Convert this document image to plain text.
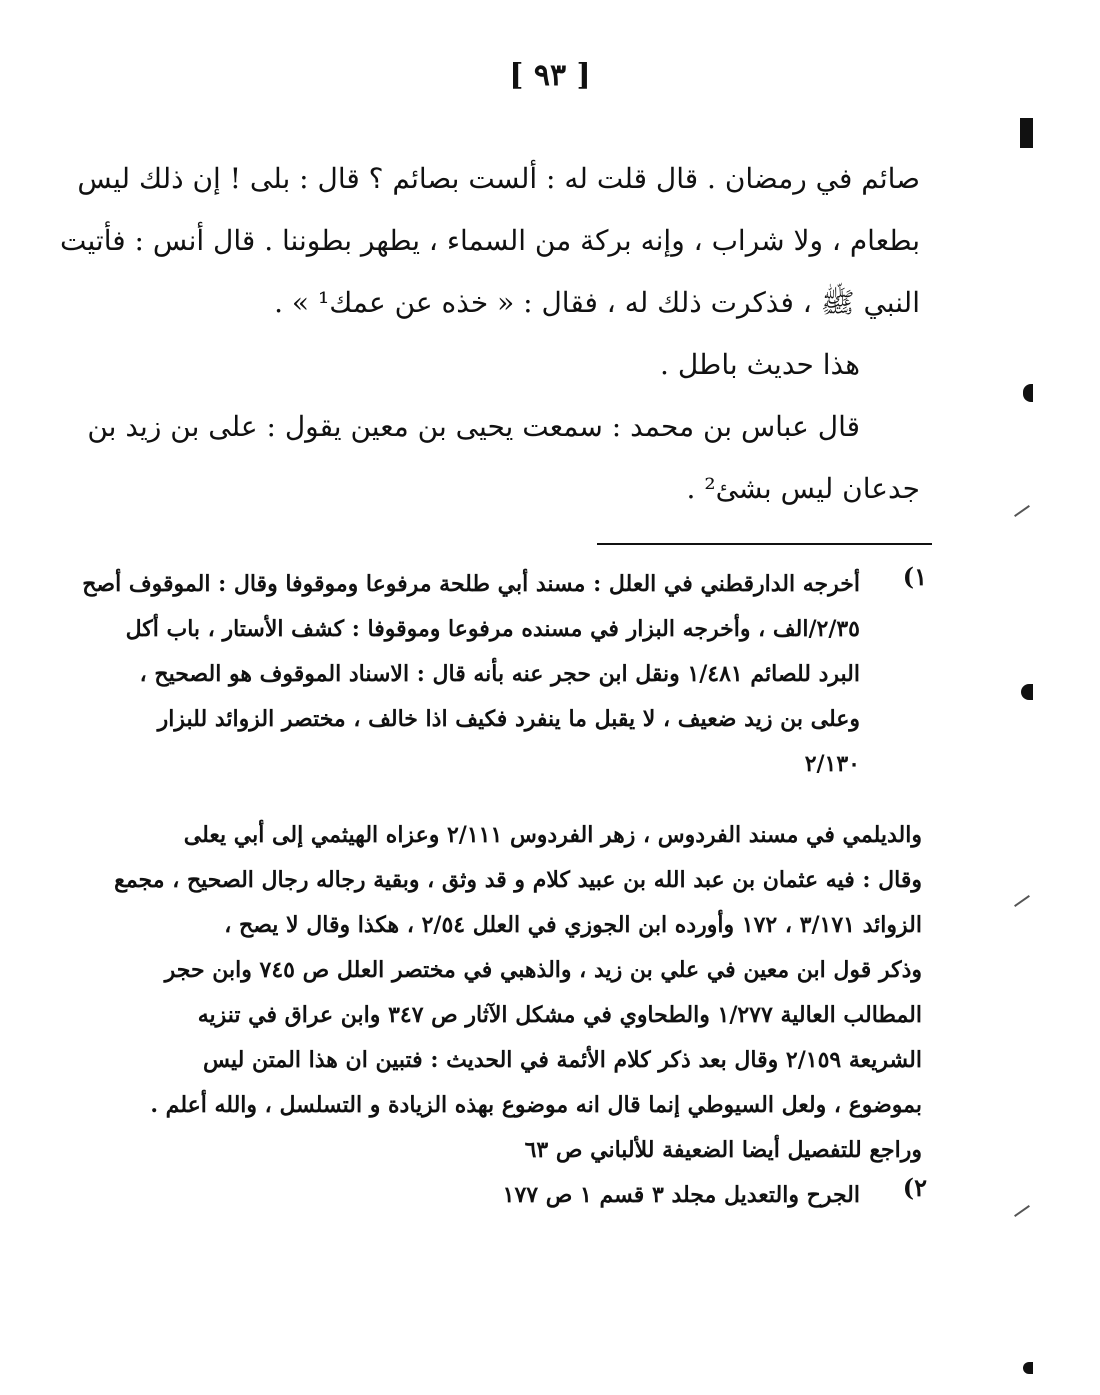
[ ٩٣ ]
صائم في رمضان . قال قلت له : ألست بصائم ؟ قال : بلى ! إن ذلك ليس
بطعام ، ولا شراب ، وإنه بركة من السماء ، يطهر بطوننا . قال أنس : فأتيت
النبي ﷺ ، فذكرت ذلك له ، فقال : « خذه عن عمك¹ » .
هذا حديث باطل .
قال عباس بن محمد : سمعت يحيى بن معين يقول : على بن زيد بن
جدعان ليس بشئ² .
١)
أخرجه الدارقطني في العلل : مسند أبي طلحة مرفوعا وموقوفا وقال : الموقوف أصح
٢/٣٥/الف ، وأخرجه البزار في مسنده مرفوعا وموقوفا : كشف الأستار ، باب أكل
البرد للصائم ١/٤٨١ ونقل ابن حجر عنه بأنه قال : الاسناد الموقوف هو الصحيح ،
وعلى بن زيد ضعيف ، لا يقبل ما ينفرد فكيف اذا خالف ، مختصر الزوائد للبزار
٢/١٣٠
والديلمي في مسند الفردوس ، زهر الفردوس ٢/١١١ وعزاه الهيثمي إلى أبي يعلى
وقال : فيه عثمان بن عبد الله بن عبيد كلام و قد وثق ، وبقية رجاله رجال الصحيح ، مجمع
الزوائد ٣/١٧١ ، ١٧٢ وأورده ابن الجوزي في العلل ٢/٥٤ ، هكذا وقال لا يصح ،
وذكر قول ابن معين في علي بن زيد ، والذهبي في مختصر العلل ص ٧٤٥ وابن حجر
المطالب العالية ١/٢٧٧ والطحاوي في مشكل الآثار ص ٣٤٧ وابن عراق في تنزيه
الشريعة ٢/١٥٩ وقال بعد ذكر كلام الأئمة في الحديث : فتبين ان هذا المتن ليس
بموضوع ، ولعل السيوطي إنما قال انه موضوع بهذه الزيادة و التسلسل ، والله أعلم .
وراجع للتفصيل أيضا الضعيفة للألباني ص ٦٣
٢)
الجرح والتعديل مجلد ٣ قسم ١ ص ١٧٧
